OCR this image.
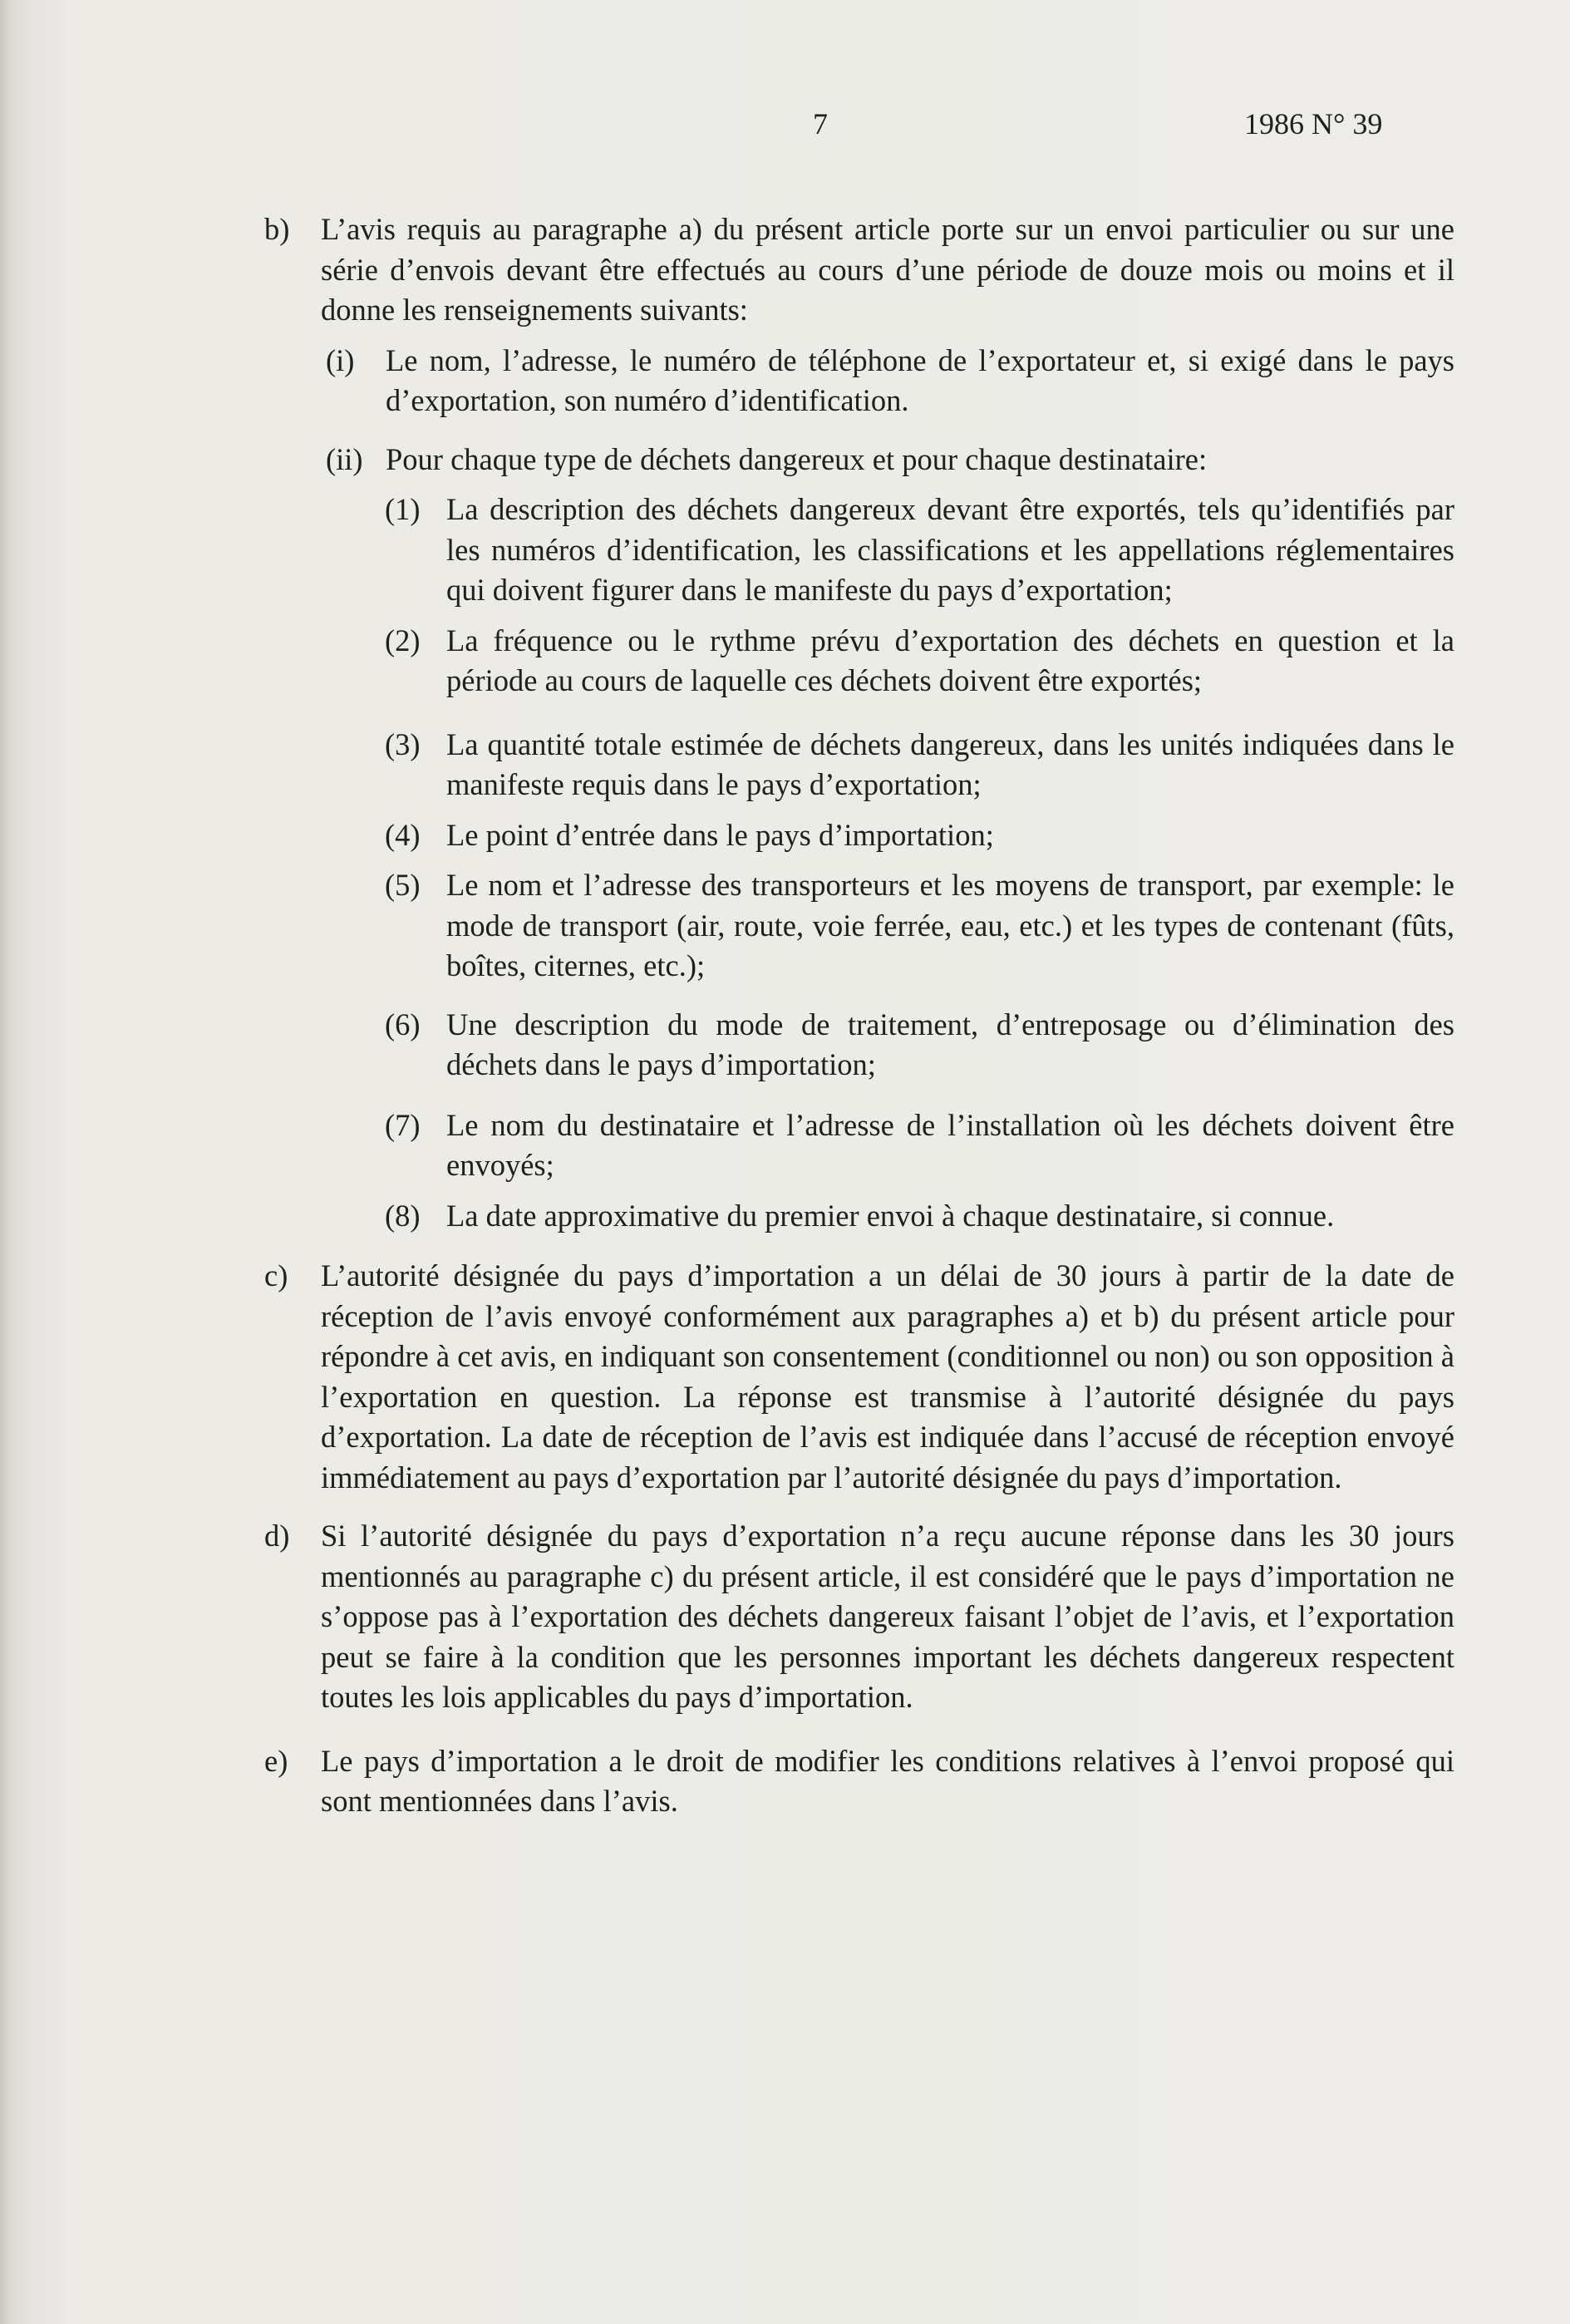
7	1986 N° 39
b) L’avis requis au paragraphe a) du présent article porte sur un envoi particulier ou sur une série d’envois devant être effectués au cours d’une période de douze mois ou moins et il donne les renseignements suivants:
(i) Le nom, l’adresse, le numéro de téléphone de l’exportateur et, si exigé dans le pays d’exportation, son numéro d’identification.
(ii) Pour chaque type de déchets dangereux et pour chaque destinataire:
(1) La description des déchets dangereux devant être exportés, tels qu’identifiés par les numéros d’identification, les classifications et les appellations réglementaires qui doivent figurer dans le manifeste du pays d’exportation;
(2) La fréquence ou le rythme prévu d’exportation des déchets en question et la période au cours de laquelle ces déchets doivent être exportés;
(3) La quantité totale estimée de déchets dangereux, dans les unités indiquées dans le manifeste requis dans le pays d’exportation;
(4) Le point d’entrée dans le pays d’importation;
(5) Le nom et l’adresse des transporteurs et les moyens de transport, par exemple: le mode de transport (air, route, voie ferrée, eau, etc.) et les types de contenant (fûts, boîtes, citernes, etc.);
(6) Une description du mode de traitement, d’entreposage ou d’élimination des déchets dans le pays d’importation;
(7) Le nom du destinataire et l’adresse de l’installation où les déchets doivent être envoyés;
(8) La date approximative du premier envoi à chaque destinataire, si connue.
c) L’autorité désignée du pays d’importation a un délai de 30 jours à partir de la date de réception de l’avis envoyé conformément aux paragraphes a) et b) du présent article pour répondre à cet avis, en indiquant son consentement (conditionnel ou non) ou son opposition à l’exportation en question. La réponse est transmise à l’autorité désignée du pays d’exportation. La date de réception de l’avis est indiquée dans l’accusé de réception envoyé immédiatement au pays d’exportation par l’autorité désignée du pays d’importation.
d) Si l’autorité désignée du pays d’exportation n’a reçu aucune réponse dans les 30 jours mentionnés au paragraphe c) du présent article, il est considéré que le pays d’importation ne s’oppose pas à l’exportation des déchets dangereux faisant l’objet de l’avis, et l’exportation peut se faire à la condition que les personnes important les déchets dangereux respectent toutes les lois applicables du pays d’importation.
e) Le pays d’importation a le droit de modifier les conditions relatives à l’envoi proposé qui sont mentionnées dans l’avis.
